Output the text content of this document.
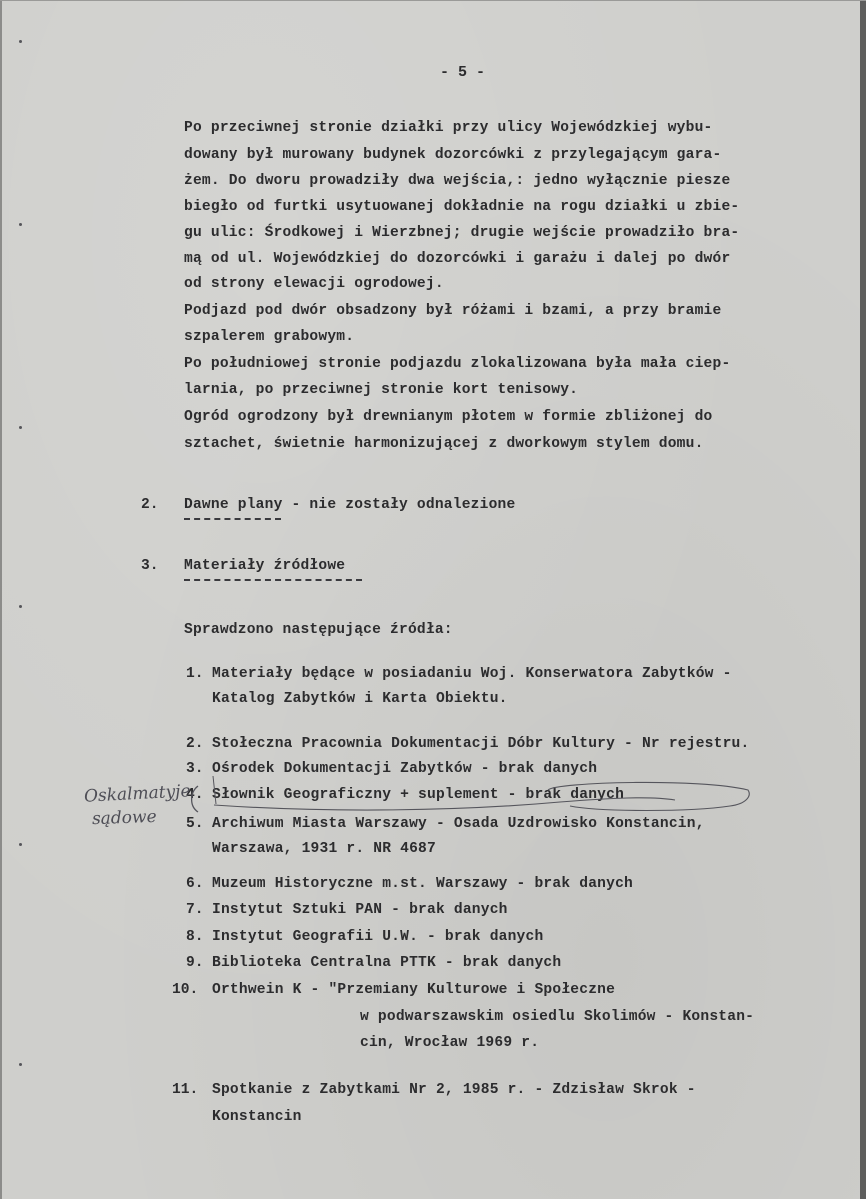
- 5 -
Po przeciwnej stronie działki przy ulicy Wojewódzkiej wybu-
dowany był murowany budynek dozorcówki z przylegającym gara-
żem. Do dworu prowadziły dwa wejścia,: jedno wyłącznie piesze
biegło od furtki usytuowanej dokładnie na rogu działki u zbie-
gu ulic: Środkowej i Wierzbnej; drugie wejście prowadziło bra-
mą od ul. Wojewódzkiej do dozorcówki i garażu i dalej po dwór
od strony elewacji ogrodowej.
Podjazd pod dwór obsadzony był różami i bzami, a przy bramie
szpalerem grabowym.
Po południowej stronie podjazdu zlokalizowana była mała ciep-
larnia, po przeciwnej stronie kort tenisowy.
Ogród ogrodzony był drewnianym płotem w formie zbliżonej do
sztachet, świetnie harmonizującej z dworkowym stylem domu.
2. Dawne plany - nie zostały odnalezione
3. Materiały źródłowe
Sprawdzono następujące źródła:
1. Materiały będące w posiadaniu Woj. Konserwatora Zabytków -
Katalog Zabytków i Karta Obiektu.
2. Stołeczna Pracownia Dokumentacji Dóbr Kultury - Nr rejestru.
3. Ośrodek Dokumentacji Zabytków - brak danych
4. Słownik Geograficzny + suplement - brak danych
5. Archiwum Miasta Warszawy - Osada Uzdrowisko Konstancin,
Warszawa, 1931 r. NR 4687
6. Muzeum Historyczne m.st. Warszawy - brak danych
7. Instytut Sztuki PAN - brak danych
8. Instytut Geografii U.W. - brak danych
9. Biblioteka Centralna PTTK - brak danych
10. Orthwein K - "Przemiany Kulturowe i Społeczne
w podwarszawskim osiedlu Skolimów - Konstan-
cin, Wrocław 1969 r.
11. Spotkanie z Zabytkami Nr 2, 1985 r. - Zdzisław Skrok -
Konstancin
Oskalmatyje
sądowe
